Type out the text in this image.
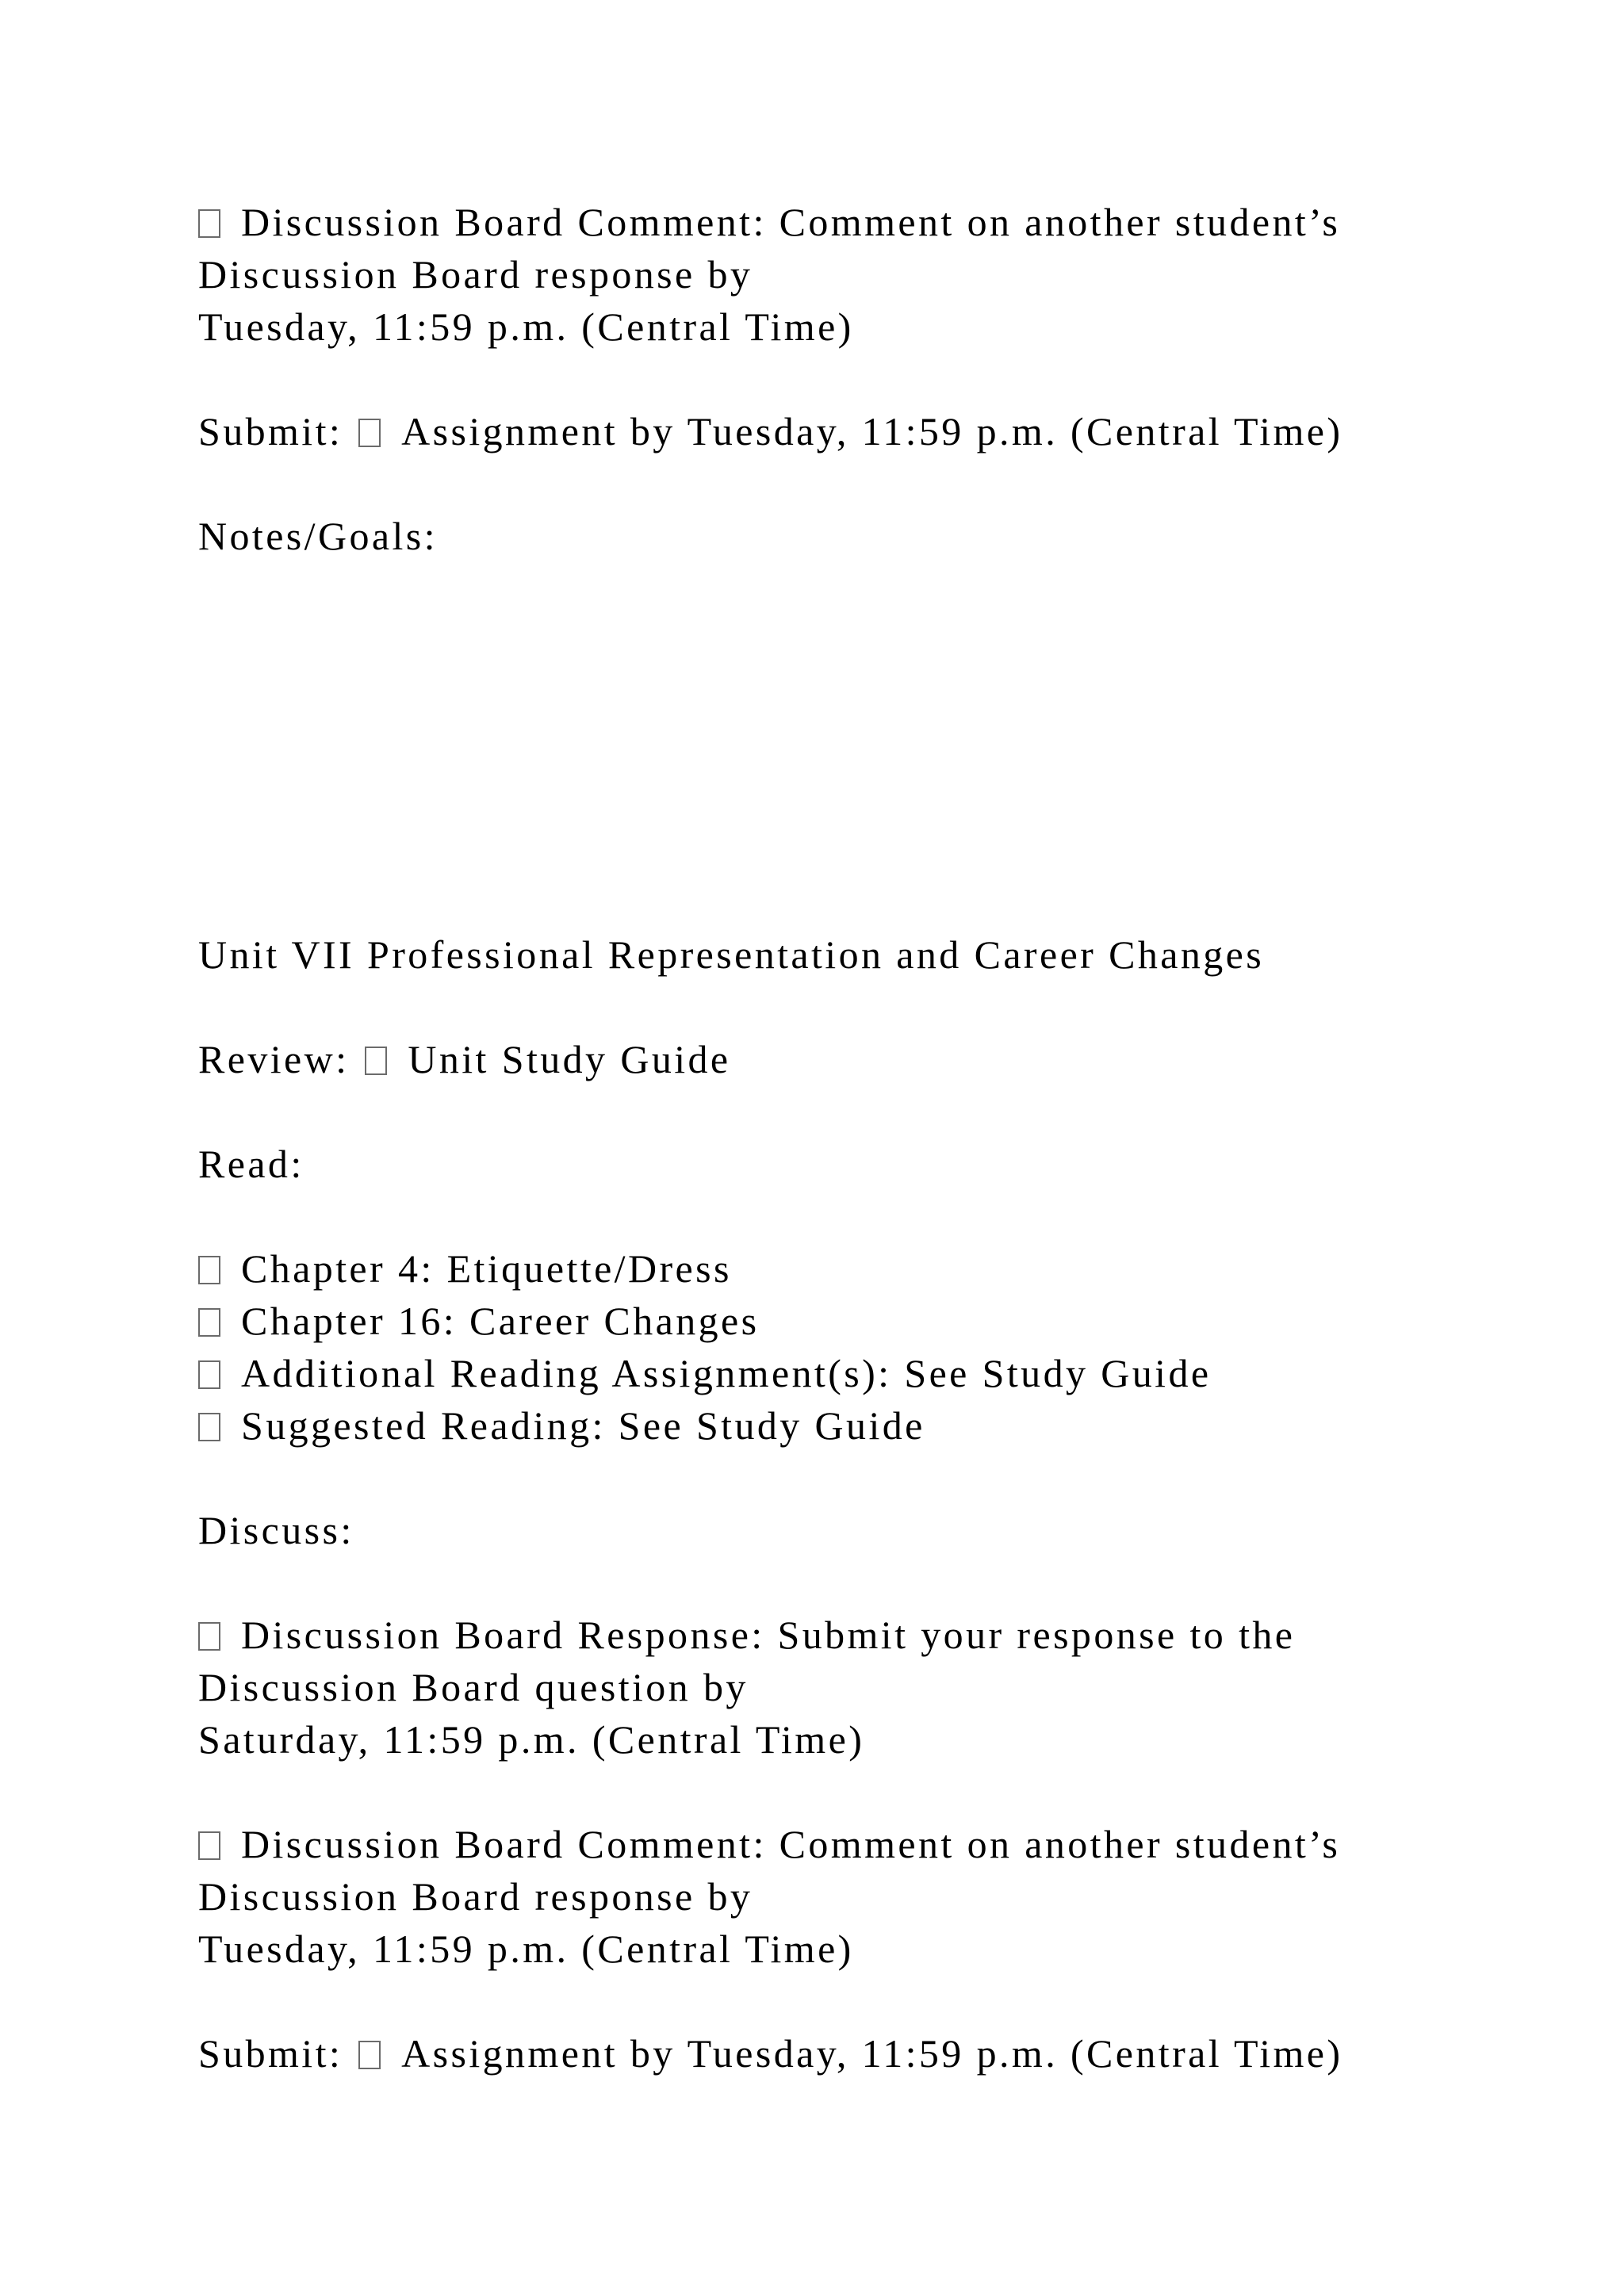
Discussion Board Comment: Comment on another student’s
Discussion Board response by
Tuesday, 11:59 p.m. (Central Time)
Submit: Assignment by Tuesday, 11:59 p.m. (Central Time)
Notes/Goals:
Unit VII Professional Representation and Career Changes
Review: Unit Study Guide
Read:
Chapter 4: Etiquette/Dress
Chapter 16: Career Changes
Additional Reading Assignment(s): See Study Guide
Suggested Reading: See Study Guide
Discuss:
Discussion Board Response: Submit your response to the
Discussion Board question by
Saturday, 11:59 p.m. (Central Time)
Discussion Board Comment: Comment on another student’s
Discussion Board response by
Tuesday, 11:59 p.m. (Central Time)
Submit: Assignment by Tuesday, 11:59 p.m. (Central Time)
